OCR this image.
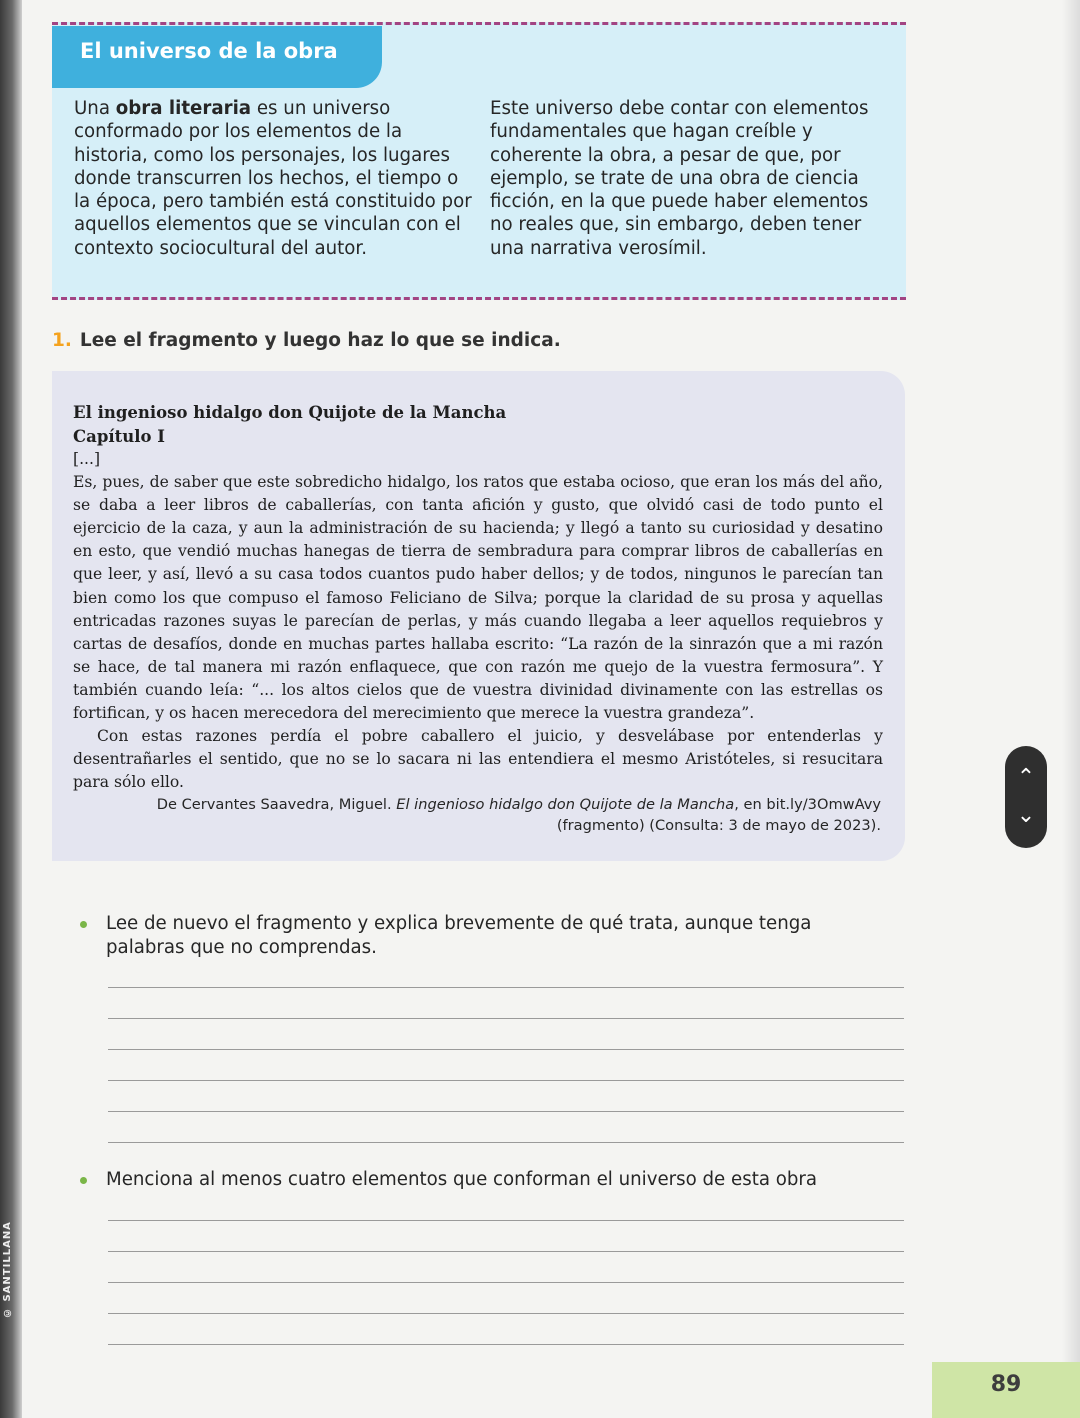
© SANTILLANA
El universo de la obra
Una obra literaria es un universo conformado por los elementos de la historia, como los personajes, los lugares donde transcurren los hechos, el tiempo o la época, pero también está constituido por aquellos elementos que se vinculan con el contexto sociocultural del autor.
Este universo debe contar con elementos fundamentales que hagan creíble y coherente la obra, a pesar de que, por ejemplo, se trate de una obra de ciencia ficción, en la que puede haber elementos no reales que, sin embargo, deben tener una narrativa verosímil.
1. Lee el fragmento y luego haz lo que se indica.
El ingenioso hidalgo don Quijote de la Mancha
Capítulo I

[...]

Es, pues, de saber que este sobredicho hidalgo, los ratos que estaba ocioso, que eran los más del año, se daba a leer libros de caballerías, con tanta afición y gusto, que olvidó casi de todo punto el ejercicio de la caza, y aun la administración de su hacienda; y llegó a tanto su curiosidad y desatino en esto, que vendió muchas hanegas de tierra de sembradura para comprar libros de caballerías en que leer, y así, llevó a su casa todos cuantos pudo haber dellos; y de todos, ningunos le parecían tan bien como los que compuso el famoso Feliciano de Silva; porque la claridad de su prosa y aquellas entricadas razones suyas le parecían de perlas, y más cuando llegaba a leer aquellos requiebros y cartas de desafíos, donde en muchas partes hallaba escrito: “La razón de la sinrazón que a mi razón se hace, de tal manera mi razón enflaquece, que con razón me quejo de la vuestra fermosura”. Y también cuando leía: “... los altos cielos que de vuestra divinidad divinamente con las estrellas os fortifican, y os hacen merecedora del merecimiento que merece la vuestra grandeza”.

Con estas razones perdía el pobre caballero el juicio, y desvelábase por entenderlas y desentrañarles el sentido, que no se lo sacara ni las entendiera el mesmo Aristóteles, si resucitara para sólo ello.

De Cervantes Saavedra, Miguel. El ingenioso hidalgo don Quijote de la Mancha, en bit.ly/3OmwAvy
(fragmento) (Consulta: 3 de mayo de 2023).
Lee de nuevo el fragmento y explica brevemente de qué trata, aunque tenga palabras que no comprendas.
Menciona al menos cuatro elementos que conforman el universo de esta obra
⌃
⌄
89
